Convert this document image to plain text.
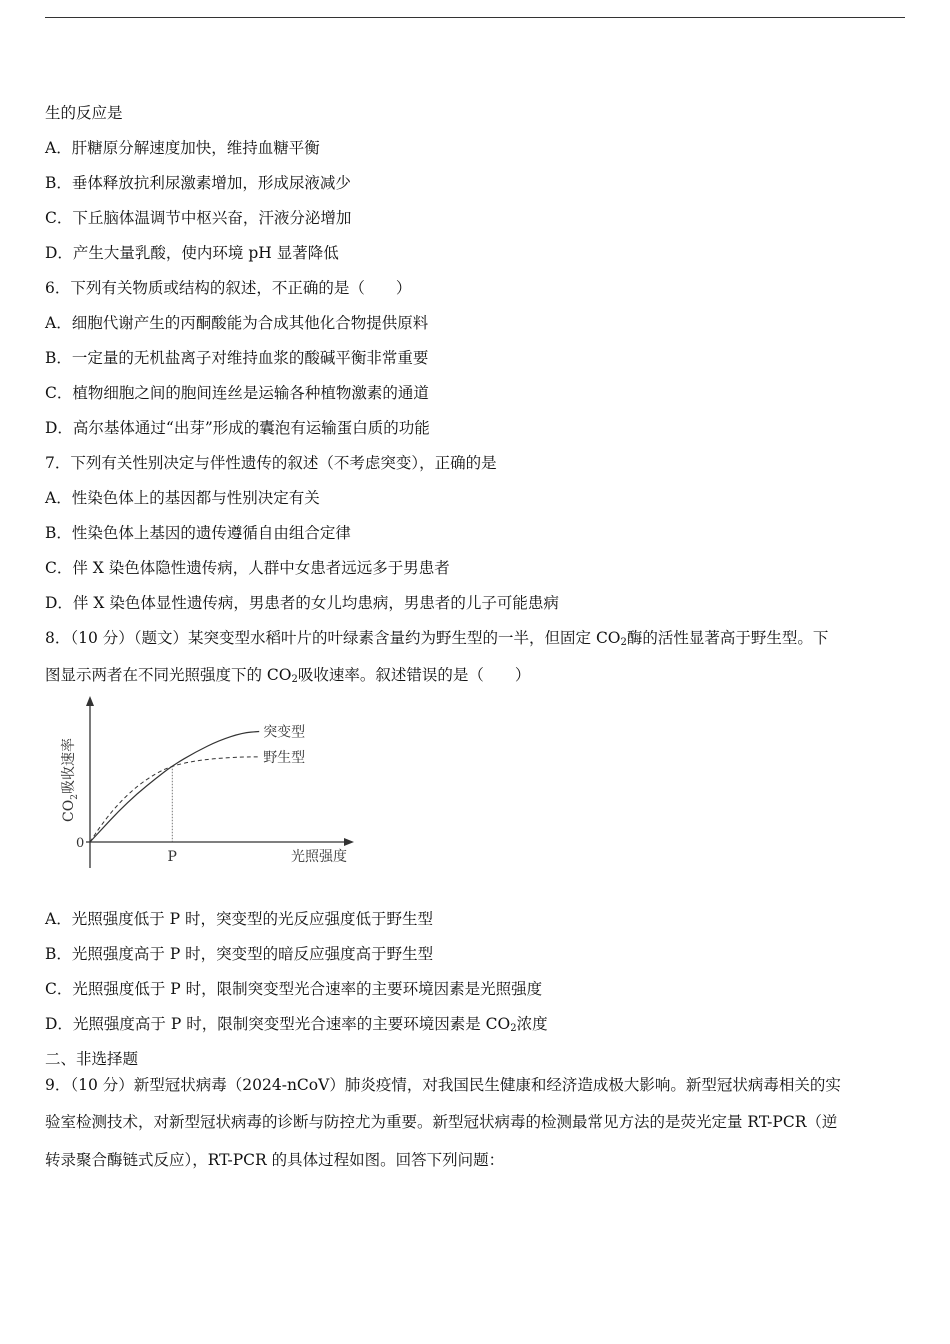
生的反应是
A．肝糖原分解速度加快，维持血糖平衡
B．垂体释放抗利尿激素增加，形成尿液减少
C．下丘脑体温调节中枢兴奋，汗液分泌增加
D．产生大量乳酸，使内环境 pH 显著降低
6．下列有关物质或结构的叙述，不正确的是（　　）
A．细胞代谢产生的丙酮酸能为合成其他化合物提供原料
B．一定量的无机盐离子对维持血浆的酸碱平衡非常重要
C．植物细胞之间的胞间连丝是运输各种植物激素的通道
D．高尔基体通过“出芽”形成的囊泡有运输蛋白质的功能
7．下列有关性别决定与伴性遗传的叙述（不考虑突变），正确的是
A．性染色体上的基因都与性别决定有关
B．性染色体上基因的遗传遵循自由组合定律
C．伴 X 染色体隐性遗传病，人群中女患者远远多于男患者
D．伴 X 染色体显性遗传病，男患者的女儿均患病，男患者的儿子可能患病
8．（10 分）（题文）某突变型水稻叶片的叶绿素含量约为野生型的一半，但固定 $CO_2$酶的活性显著高于野生型。下
图显示两者在不同光照强度下的 $CO_2$吸收速率。叙述错误的是（　　）
$CO_2$吸收速率
0
P	光照强度
突变型
野生型
A．光照强度低于 P 时，突变型的光反应强度低于野生型
B．光照强度高于 P 时，突变型的暗反应强度高于野生型
C．光照强度低于 P 时，限制突变型光合速率的主要环境因素是光照强度
D．光照强度高于 P 时，限制突变型光合速率的主要环境因素是 $CO_2$浓度
二、非选择题
9．（10 分）新型冠状病毒（2024-nCoV）肺炎疫情，对我国民生健康和经济造成极大影响。新型冠状病毒相关的实
验室检测技术，对新型冠状病毒的诊断与防控尤为重要。新型冠状病毒的检测最常见方法的是荧光定量 RT-PCR（逆
转录聚合酶链式反应），RT-PCR 的具体过程如图。回答下列问题：
